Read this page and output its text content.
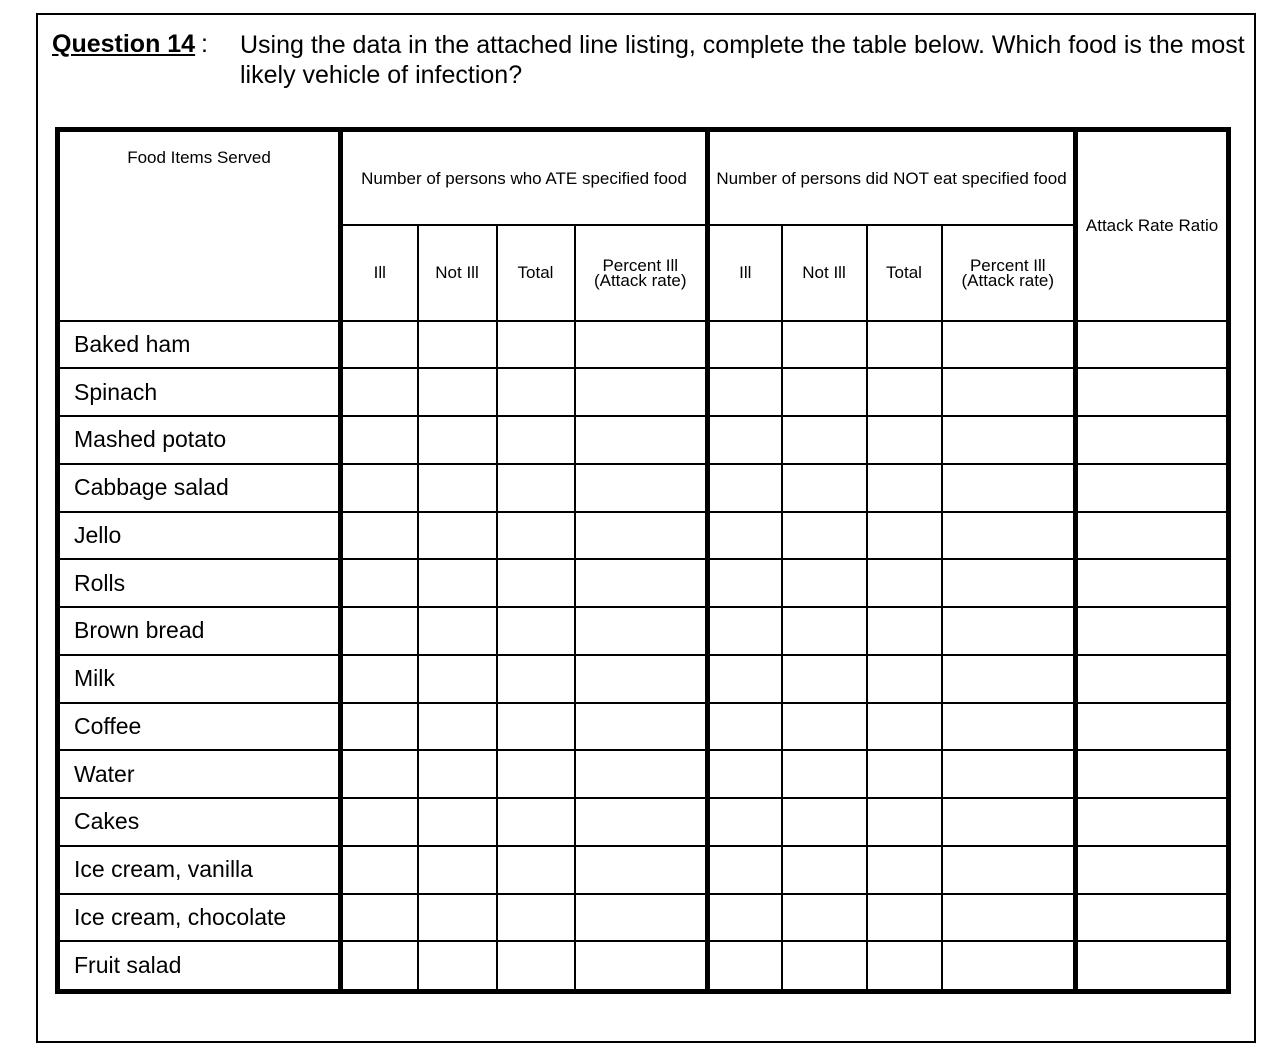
Question 14 : Using the data in the attached line listing, complete the table below. Which food is the most likely vehicle of infection?
Food Items Served	Number of persons who ATE specified food				Number of persons did NOT eat specified food				Attack Rate Ratio
	Ill	Not Ill	Total	Percent Ill (Attack rate)	Ill	Not Ill	Total	Percent Ill (Attack rate)	
Baked ham									
Spinach									
Mashed potato									
Cabbage salad									
Jello									
Rolls									
Brown bread									
Milk									
Coffee									
Water									
Cakes									
Ice cream, vanilla									
Ice cream, chocolate									
Fruit salad									
